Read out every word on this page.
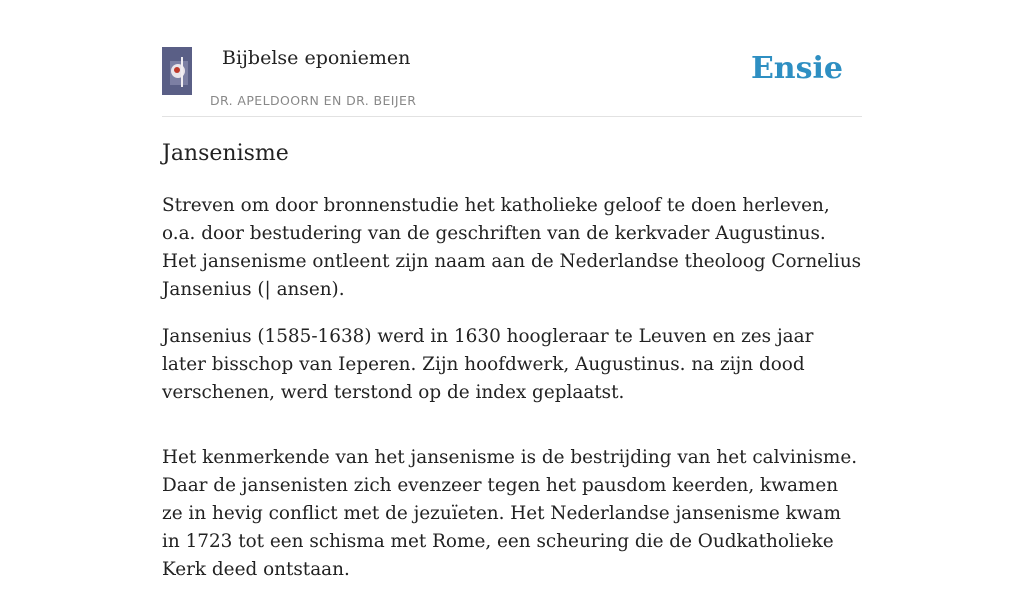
Bijbelse eponiemen
DR. APELDOORN EN DR. BEIJER
Ensie
Jansenisme

Streven om door bronnenstudie het katholieke geloof te doen herleven, o.a. door bestudering van de geschriften van de kerkvader Augustinus. Het jansenisme ontleent zijn naam aan de Nederlandse theoloog Cornelius Jansenius (| ansen).

Jansenius (1585-1638) werd in 1630 hoogleraar te Leuven en zes jaar later bisschop van Ieperen. Zijn hoofdwerk, Augustinus. na zijn dood verschenen, werd terstond op de index geplaatst.

Het kenmerkende van het jansenisme is de bestrijding van het calvinisme. Daar de jansenisten zich evenzeer tegen het pausdom keerden, kwamen ze in hevig conflict met de jezuïeten. Het Nederlandse jansenisme kwam in 1723 tot een schisma met Rome, een scheuring die de Oudkatholieke Kerk deed ontstaan.
